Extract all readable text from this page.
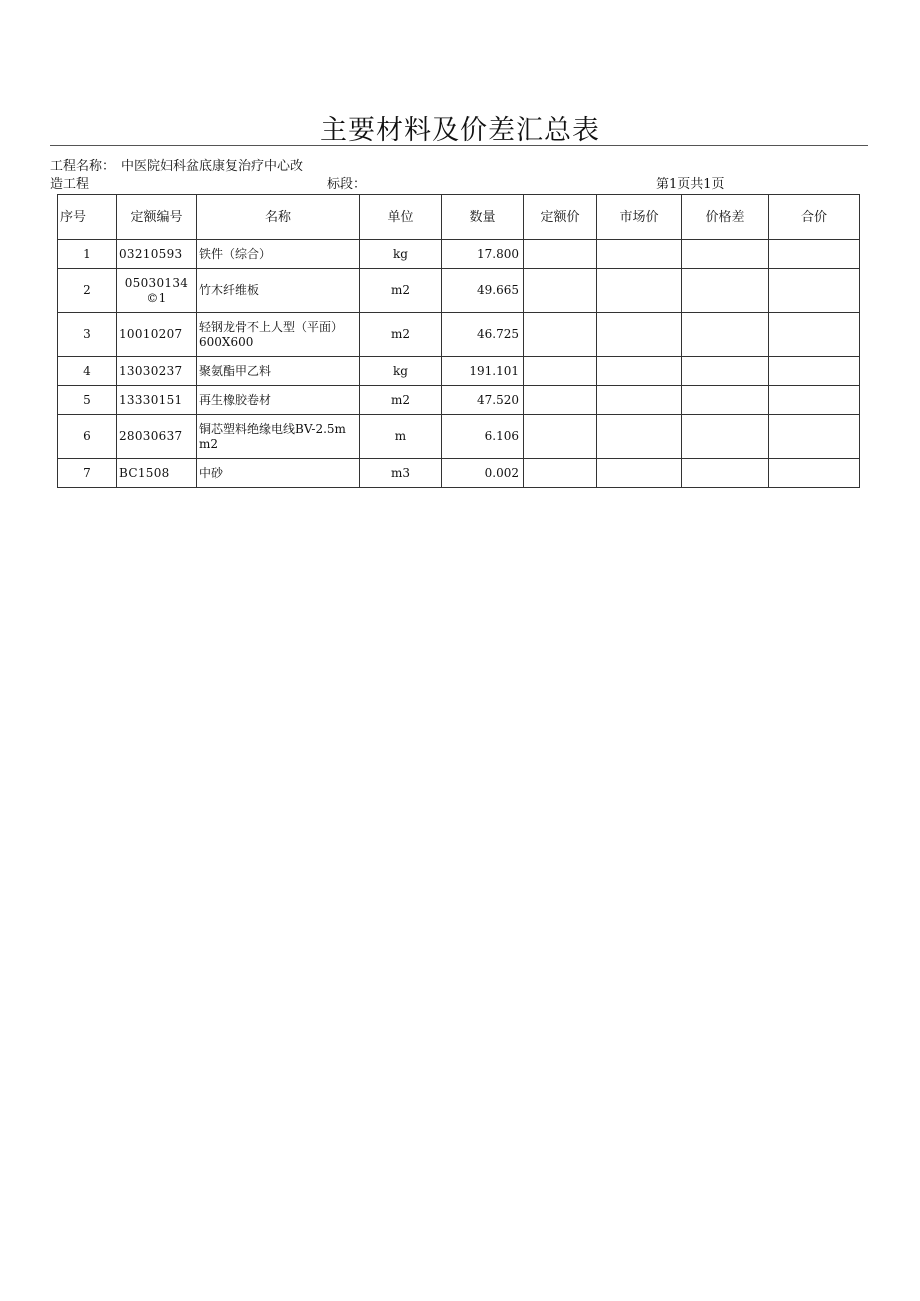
主要材料及价差汇总表
工程名称： 中医院妇科盆底康复治疗中心改
造工程	标段：	第1页共1页
序号	定额编号	名称	单位	数量	定额价	市场价	价格差	合价
1	03210593	铁件（综合）	kg	17.800				
2	05030134©1	竹木纤维板	m2	49.665				
3	10010207	轻钢龙骨不上人型（平面）600X600	m2	46.725				
4	13030237	聚氨酯甲乙料	kg	191.101				
5	13330151	再生橡胶卷材	m2	47.520				
6	28030637	铜芯塑料绝缘电线BV-2.5mm2	m	6.106				
7	BC1508	中砂	m3	0.002				
